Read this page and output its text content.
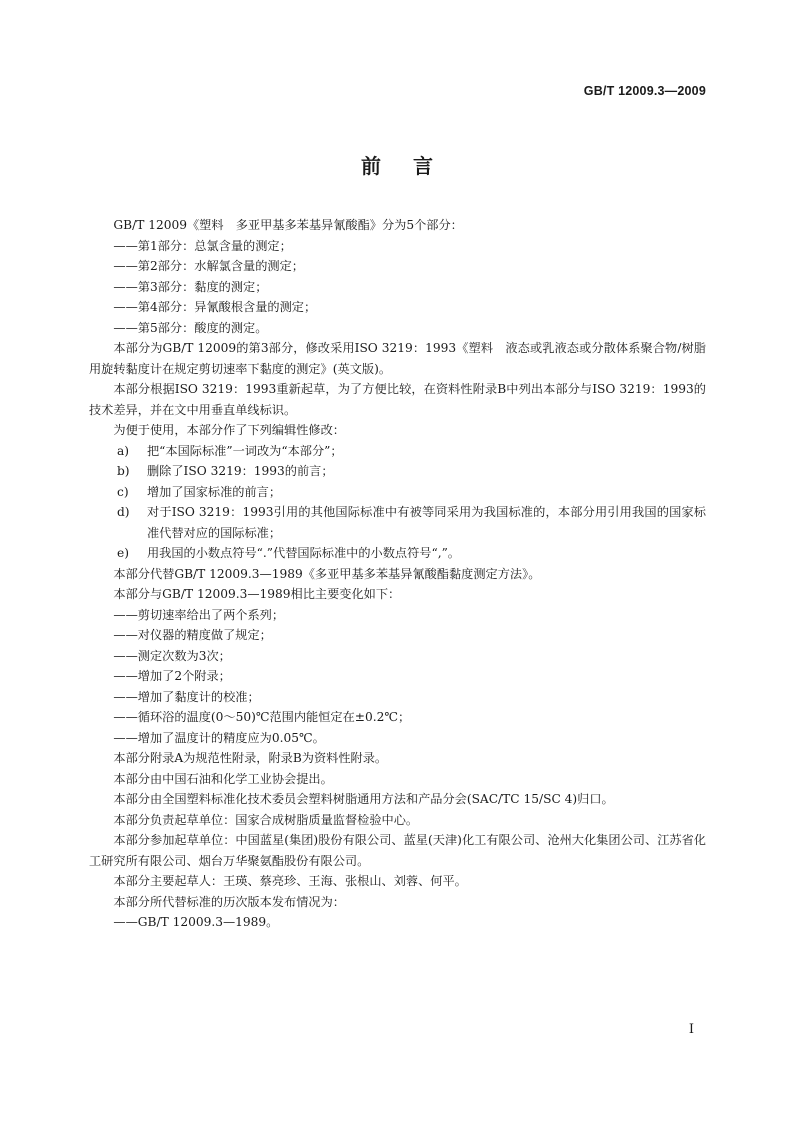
GB/T 12009.3—2009
前言

GB/T 12009《塑料　多亚甲基多苯基异氰酸酯》分为5个部分：

——第1部分：总氯含量的测定；

——第2部分：水解氯含量的测定；

——第3部分：黏度的测定；

——第4部分：异氰酸根含量的测定；

——第5部分：酸度的测定。

本部分为GB/T 12009的第3部分，修改采用ISO 3219：1993《塑料　液态或乳液态或分散体系聚合物/树脂　用旋转黏度计在规定剪切速率下黏度的测定》(英文版)。

本部分根据ISO 3219：1993重新起草，为了方便比较，在资料性附录B中列出本部分与ISO 3219：1993的技术差异，并在文中用垂直单线标识。

为便于使用，本部分作了下列编辑性修改：

a)	把“本国际标准”一词改为“本部分”；
b)	删除了ISO 3219：1993的前言；
c)	增加了国家标准的前言；
d)	对于ISO 3219：1993引用的其他国际标准中有被等同采用为我国标准的，本部分用引用我国的国家标准代替对应的国际标准；
e)	用我国的小数点符号“.”代替国际标准中的小数点符号“,”。

本部分代替GB/T 12009.3—1989《多亚甲基多苯基异氰酸酯黏度测定方法》。

本部分与GB/T 12009.3—1989相比主要变化如下：

——剪切速率给出了两个系列；

——对仪器的精度做了规定；

——测定次数为3次；

——增加了2个附录；

——增加了黏度计的校准；

——循环浴的温度(0～50)℃范围内能恒定在±0.2℃；

——增加了温度计的精度应为0.05℃。

本部分附录A为规范性附录，附录B为资料性附录。

本部分由中国石油和化学工业协会提出。

本部分由全国塑料标准化技术委员会塑料树脂通用方法和产品分会(SAC/TC 15/SC 4)归口。

本部分负责起草单位：国家合成树脂质量监督检验中心。

本部分参加起草单位：中国蓝星(集团)股份有限公司、蓝星(天津)化工有限公司、沧州大化集团公司、江苏省化工研究所有限公司、烟台万华聚氨酯股份有限公司。

本部分主要起草人：王瑛、蔡亮珍、王海、张根山、刘蓉、何平。

本部分所代替标准的历次版本发布情况为：

——GB/T 12009.3—1989。

I
